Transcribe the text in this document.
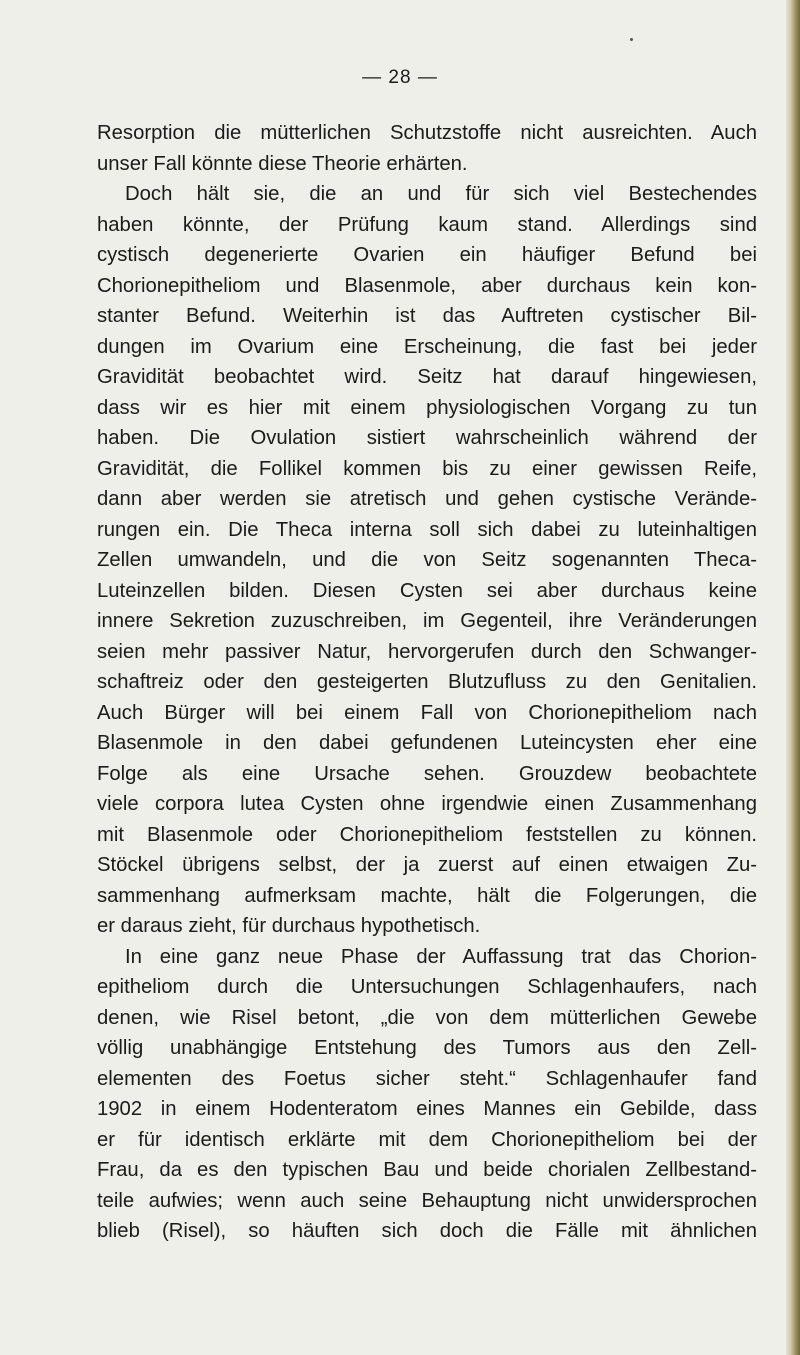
— 28 —
Resorption die mütterlichen Schutzstoffe nicht ausreichten. Auch
unser Fall könnte diese Theorie erhärten.
Doch hält sie, die an und für sich viel Bestechendes
haben könnte, der Prüfung kaum stand. Allerdings sind
cystisch degenerierte Ovarien ein häufiger Befund bei
Chorionepitheliom und Blasenmole, aber durchaus kein kon-
stanter Befund. Weiterhin ist das Auftreten cystischer Bil-
dungen im Ovarium eine Erscheinung, die fast bei jeder
Gravidität beobachtet wird. Seitz hat darauf hingewiesen,
dass wir es hier mit einem physiologischen Vorgang zu tun
haben. Die Ovulation sistiert wahrscheinlich während der
Gravidität, die Follikel kommen bis zu einer gewissen Reife,
dann aber werden sie atretisch und gehen cystische Verände-
rungen ein. Die Theca interna soll sich dabei zu luteinhaltigen
Zellen umwandeln, und die von Seitz sogenannten Theca-
Luteinzellen bilden. Diesen Cysten sei aber durchaus keine
innere Sekretion zuzuschreiben, im Gegenteil, ihre Veränderungen
seien mehr passiver Natur, hervorgerufen durch den Schwanger-
schaftreiz oder den gesteigerten Blutzufluss zu den Genitalien.
Auch Bürger will bei einem Fall von Chorionepitheliom nach
Blasenmole in den dabei gefundenen Luteincysten eher eine
Folge als eine Ursache sehen. Grouzdew beobachtete
viele corpora lutea Cysten ohne irgendwie einen Zusammenhang
mit Blasenmole oder Chorionepitheliom feststellen zu können.
Stöckel übrigens selbst, der ja zuerst auf einen etwaigen Zu-
sammenhang aufmerksam machte, hält die Folgerungen, die
er daraus zieht, für durchaus hypothetisch.
In eine ganz neue Phase der Auffassung trat das Chorion-
epitheliom durch die Untersuchungen Schlagenhaufers, nach
denen, wie Risel betont, „die von dem mütterlichen Gewebe
völlig unabhängige Entstehung des Tumors aus den Zell-
elementen des Foetus sicher steht.“ Schlagenhaufer fand
1902 in einem Hodenteratom eines Mannes ein Gebilde, dass
er für identisch erklärte mit dem Chorionepitheliom bei der
Frau, da es den typischen Bau und beide chorialen Zellbestand-
teile aufwies; wenn auch seine Behauptung nicht unwidersprochen
blieb (Risel), so häuften sich doch die Fälle mit ähnlichen
